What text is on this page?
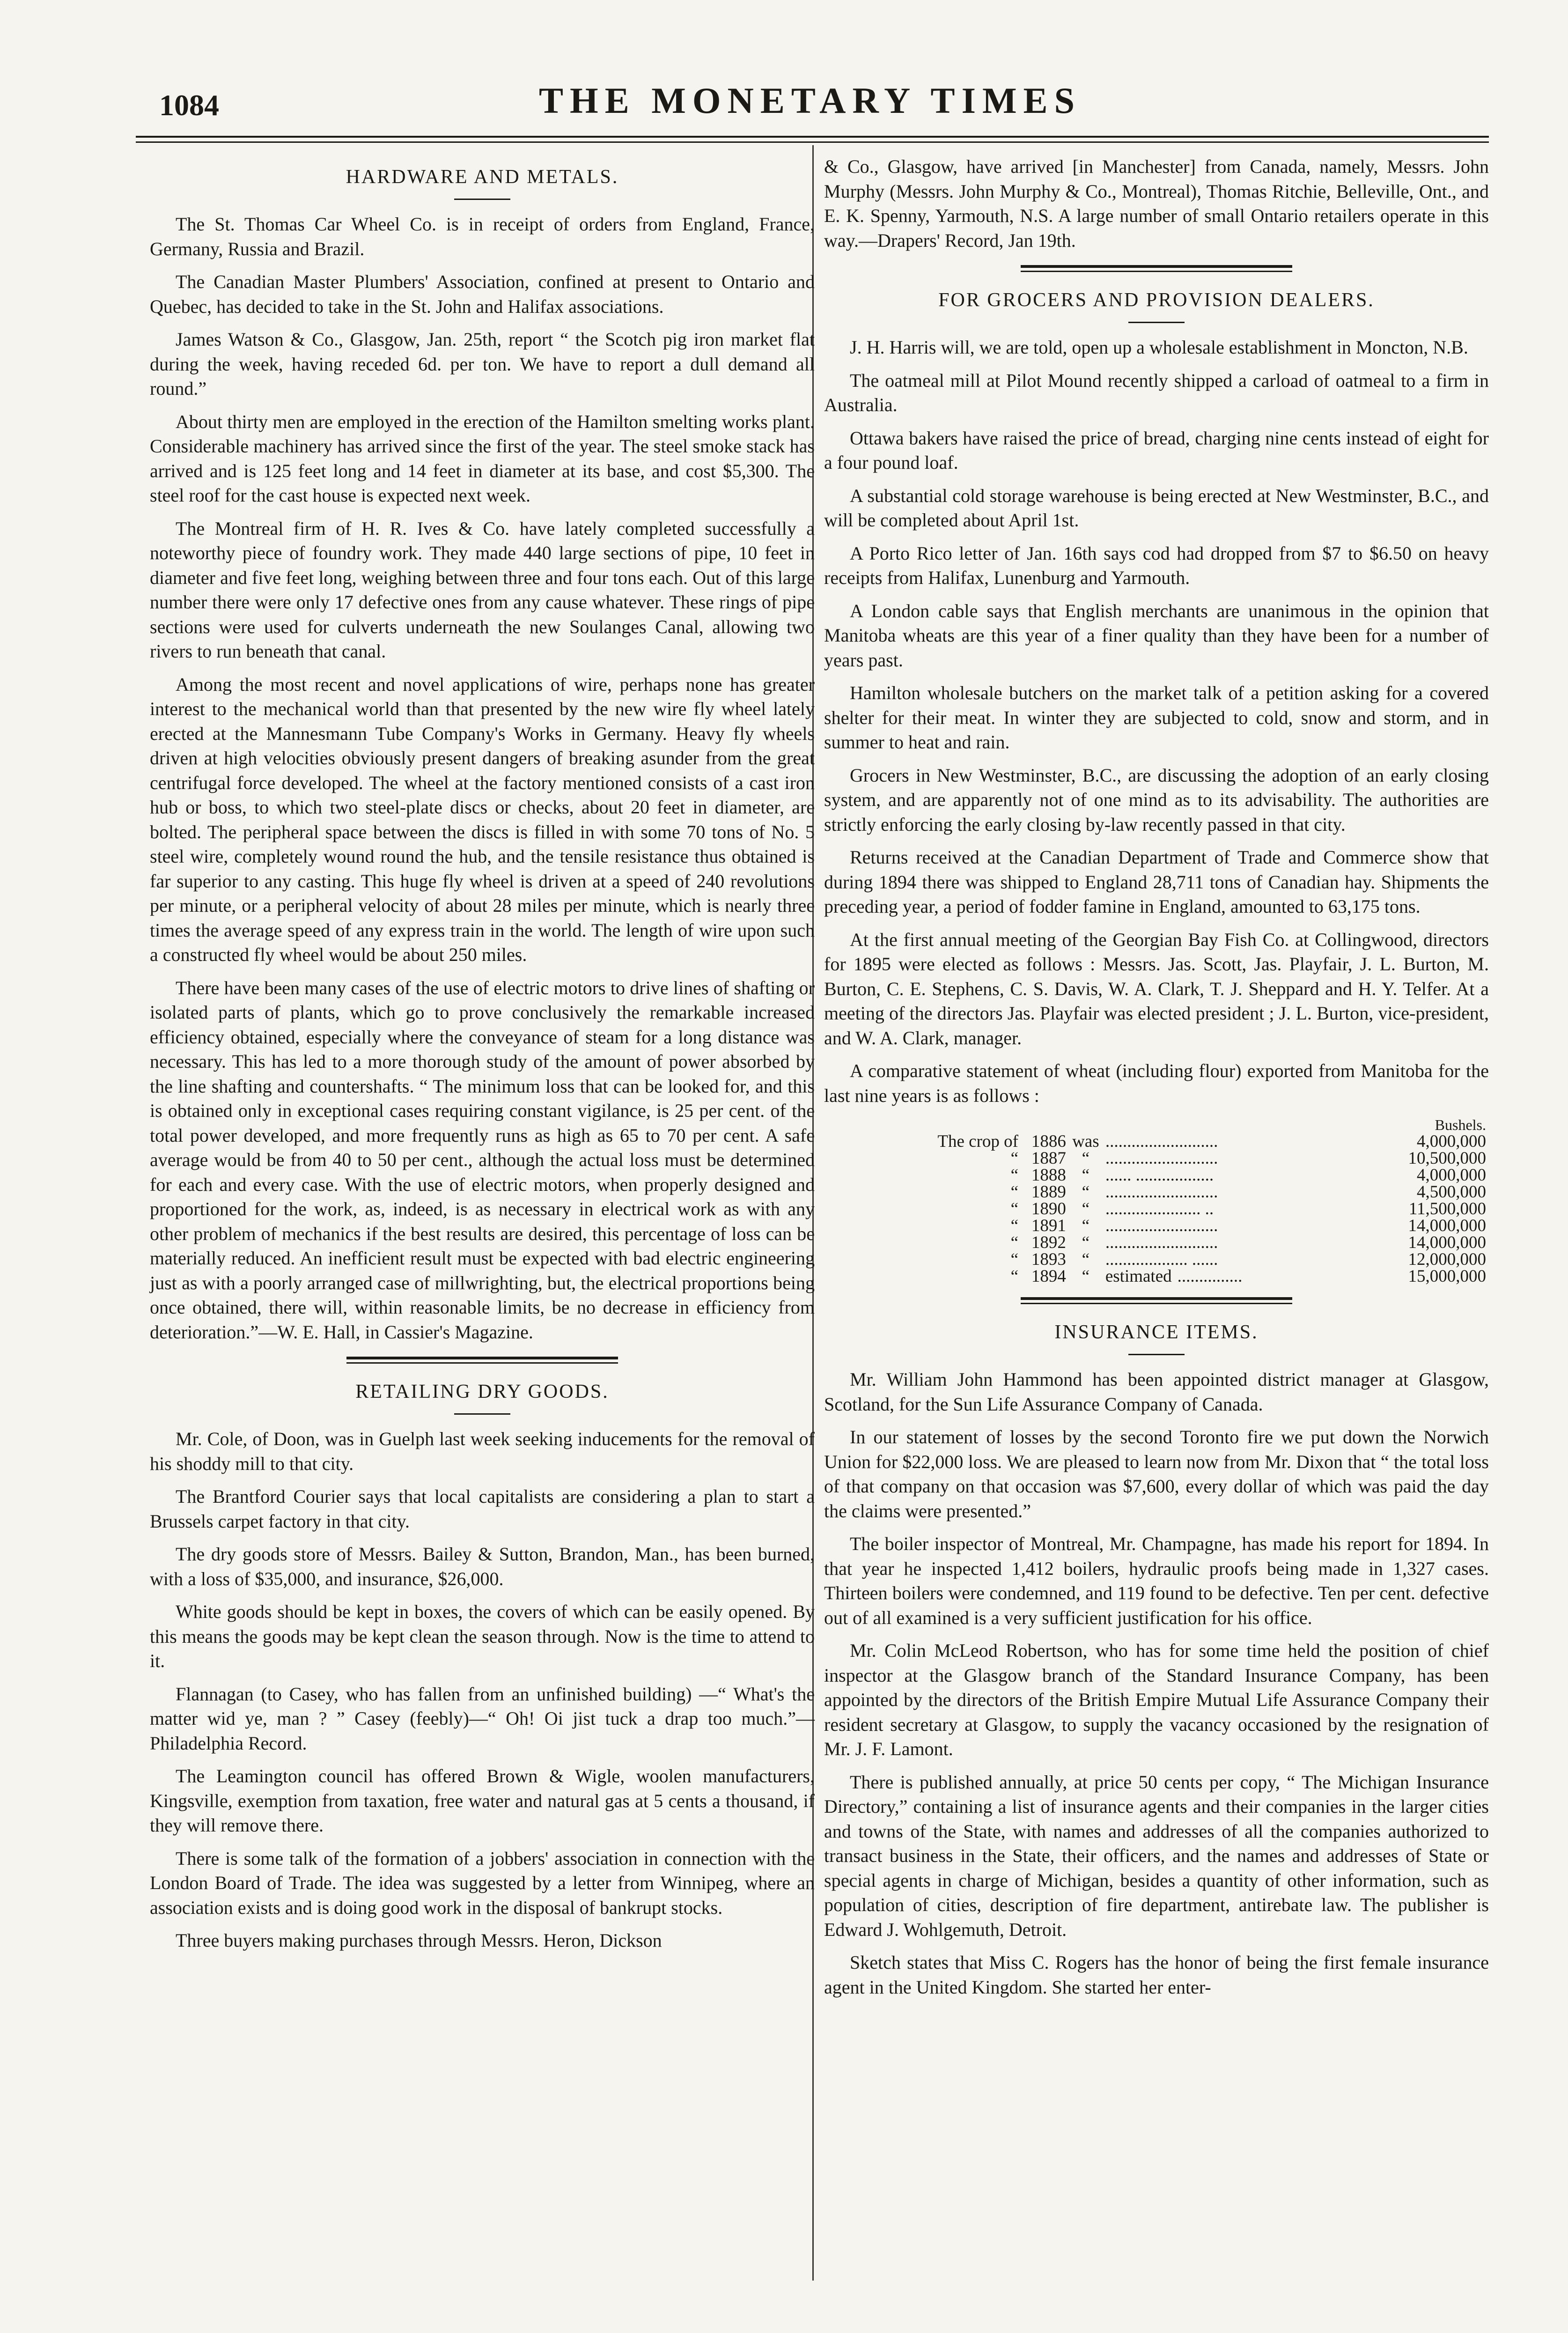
1084	THE MONETARY TIMES
HARDWARE AND METALS.

The St. Thomas Car Wheel Co. is in receipt of orders from England, France, Germany, Russia and Brazil.

The Canadian Master Plumbers' Association, confined at present to Ontario and Quebec, has decided to take in the St. John and Halifax associations.

James Watson & Co., Glasgow, Jan. 25th, report “ the Scotch pig iron market flat during the week, having receded 6d. per ton. We have to report a dull demand all round.”

About thirty men are employed in the erection of the Hamilton smelting works plant. Considerable machinery has arrived since the first of the year. The steel smoke stack has arrived and is 125 feet long and 14 feet in diameter at its base, and cost $5,300. The steel roof for the cast house is expected next week.

The Montreal firm of H. R. Ives & Co. have lately completed successfully a noteworthy piece of foundry work. They made 440 large sections of pipe, 10 feet in diameter and five feet long, weighing between three and four tons each. Out of this large number there were only 17 defective ones from any cause whatever. These rings of pipe sections were used for culverts underneath the new Soulanges Canal, allowing two rivers to run beneath that canal.

Among the most recent and novel applications of wire, perhaps none has greater interest to the mechanical world than that presented by the new wire fly wheel lately erected at the Mannesmann Tube Company's Works in Germany. Heavy fly wheels driven at high velocities obviously present dangers of breaking asunder from the great centrifugal force developed. The wheel at the factory mentioned consists of a cast iron hub or boss, to which two steel-plate discs or checks, about 20 feet in diameter, are bolted. The peripheral space between the discs is filled in with some 70 tons of No. 5 steel wire, completely wound round the hub, and the tensile resistance thus obtained is far superior to any casting. This huge fly wheel is driven at a speed of 240 revolutions per minute, or a peripheral velocity of about 28 miles per minute, which is nearly three times the average speed of any express train in the world. The length of wire upon such a constructed fly wheel would be about 250 miles.

There have been many cases of the use of electric motors to drive lines of shafting or isolated parts of plants, which go to prove conclusively the remarkable increased efficiency obtained, especially where the conveyance of steam for a long distance was necessary. This has led to a more thorough study of the amount of power absorbed by the line shafting and countershafts. “ The minimum loss that can be looked for, and this is obtained only in exceptional cases requiring constant vigilance, is 25 per cent. of the total power developed, and more frequently runs as high as 65 to 70 per cent. A safe average would be from 40 to 50 per cent., although the actual loss must be determined for each and every case. With the use of electric motors, when properly designed and proportioned for the work, as, indeed, is as necessary in electrical work as with any other problem of mechanics if the best results are desired, this percentage of loss can be materially reduced. An inefficient result must be expected with bad electric engineering just as with a poorly arranged case of millwrighting, but, the electrical proportions being once obtained, there will, within reasonable limits, be no decrease in efficiency from deterioration.”—W. E. Hall, in Cassier's Magazine.

RETAILING DRY GOODS.

Mr. Cole, of Doon, was in Guelph last week seeking inducements for the removal of his shoddy mill to that city.

The Brantford Courier says that local capitalists are considering a plan to start a Brussels carpet factory in that city.

The dry goods store of Messrs. Bailey & Sutton, Brandon, Man., has been burned, with a loss of $35,000, and insurance, $26,000.

White goods should be kept in boxes, the covers of which can be easily opened. By this means the goods may be kept clean the season through. Now is the time to attend to it.

Flannagan (to Casey, who has fallen from an unfinished building) —“ What's the matter wid ye, man ? ” Casey (feebly)—“ Oh! Oi jist tuck a drap too much.”—Philadelphia Record.

The Leamington council has offered Brown & Wigle, woolen manufacturers, Kingsville, exemption from taxation, free water and natural gas at 5 cents a thousand, if they will remove there.

There is some talk of the formation of a jobbers' association in connection with the London Board of Trade. The idea was suggested by a letter from Winnipeg, where an association exists and is doing good work in the disposal of bankrupt stocks.

Three buyers making purchases through Messrs. Heron, Dickson

& Co., Glasgow, have arrived [in Manchester] from Canada, namely, Messrs. John Murphy (Messrs. John Murphy & Co., Montreal), Thomas Ritchie, Belleville, Ont., and E. K. Spenny, Yarmouth, N.S. A large number of small Ontario retailers operate in this way.—Drapers' Record, Jan 19th.

FOR GROCERS AND PROVISION DEALERS.

J. H. Harris will, we are told, open up a wholesale establishment in Moncton, N.B.

The oatmeal mill at Pilot Mound recently shipped a carload of oatmeal to a firm in Australia.

Ottawa bakers have raised the price of bread, charging nine cents instead of eight for a four pound loaf.

A substantial cold storage warehouse is being erected at New Westminster, B.C., and will be completed about April 1st.

A Porto Rico letter of Jan. 16th says cod had dropped from $7 to $6.50 on heavy receipts from Halifax, Lunenburg and Yarmouth.

A London cable says that English merchants are unanimous in the opinion that Manitoba wheats are this year of a finer quality than they have been for a number of years past.

Hamilton wholesale butchers on the market talk of a petition asking for a covered shelter for their meat. In winter they are subjected to cold, snow and storm, and in summer to heat and rain.

Grocers in New Westminster, B.C., are discussing the adoption of an early closing system, and are apparently not of one mind as to its advisability. The authorities are strictly enforcing the early closing by-law recently passed in that city.

Returns received at the Canadian Department of Trade and Commerce show that during 1894 there was shipped to England 28,711 tons of Canadian hay. Shipments the preceding year, a period of fodder famine in England, amounted to 63,175 tons.

At the first annual meeting of the Georgian Bay Fish Co. at Collingwood, directors for 1895 were elected as follows : Messrs. Jas. Scott, Jas. Playfair, J. L. Burton, M. Burton, C. E. Stephens, C. S. Davis, W. A. Clark, T. J. Sheppard and H. Y. Telfer. At a meeting of the directors Jas. Playfair was elected president ; J. L. Burton, vice-president, and W. A. Clark, manager.

A comparative statement of wheat (including flour) exported from Manitoba for the last nine years is as follows :

Bushels.					
The crop of	1886	was	..........................		4,000,000
“	1887	“	..........................		10,500,000
“	1888	“	...... ..................		4,000,000
“	1889	“	..........................		4,500,000
“	1890	“	...................... ..		11,500,000
“	1891	“	..........................		14,000,000
“	1892	“	..........................		14,000,000
“	1893	“	................... ......		12,000,000
“	1894	“	estimated	...............	15,000,000
INSURANCE ITEMS.

Mr. William John Hammond has been appointed district manager at Glasgow, Scotland, for the Sun Life Assurance Company of Canada.

In our statement of losses by the second Toronto fire we put down the Norwich Union for $22,000 loss. We are pleased to learn now from Mr. Dixon that “ the total loss of that company on that occasion was $7,600, every dollar of which was paid the day the claims were presented.”

The boiler inspector of Montreal, Mr. Champagne, has made his report for 1894. In that year he inspected 1,412 boilers, hydraulic proofs being made in 1,327 cases. Thirteen boilers were condemned, and 119 found to be defective. Ten per cent. defective out of all examined is a very sufficient justification for his office.

Mr. Colin McLeod Robertson, who has for some time held the position of chief inspector at the Glasgow branch of the Standard Insurance Company, has been appointed by the directors of the British Empire Mutual Life Assurance Company their resident secretary at Glasgow, to supply the vacancy occasioned by the resignation of Mr. J. F. Lamont.

There is published annually, at price 50 cents per copy, “ The Michigan Insurance Directory,” containing a list of insurance agents and their companies in the larger cities and towns of the State, with names and addresses of all the companies authorized to transact business in the State, their officers, and the names and addresses of State or special agents in charge of Michigan, besides a quantity of other information, such as population of cities, description of fire department, antirebate law. The publisher is Edward J. Wohlgemuth, Detroit.

Sketch states that Miss C. Rogers has the honor of being the first female insurance agent in the United Kingdom. She started her enter-
